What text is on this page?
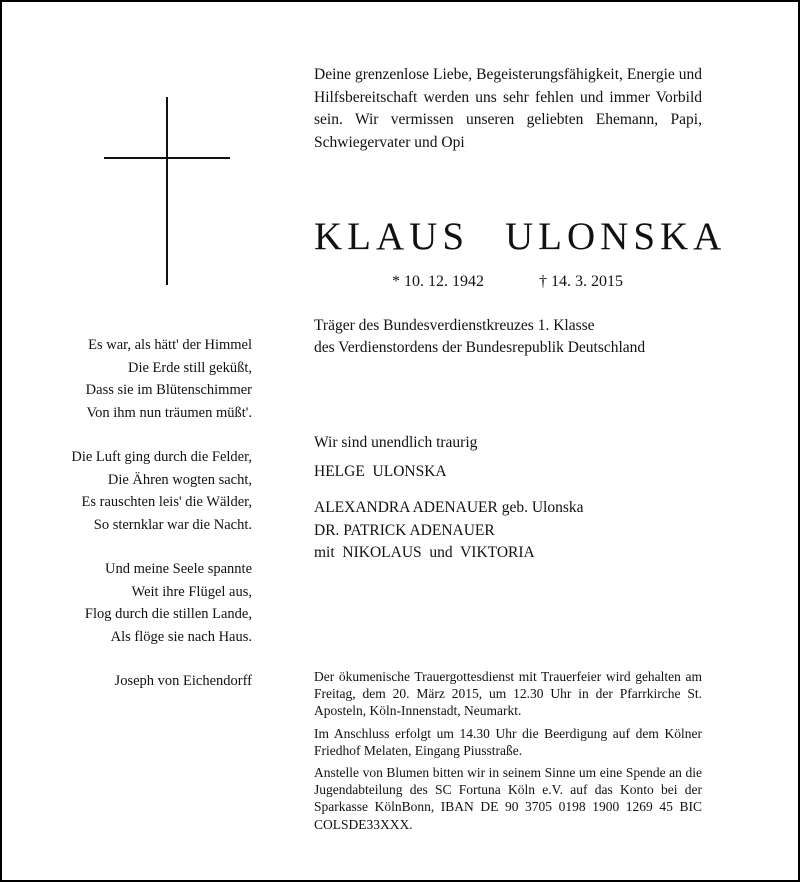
Deine grenzenlose Liebe, Begeisterungsfähigkeit, Energie und Hilfsbereitschaft werden uns sehr fehlen und immer Vorbild sein. Wir vermissen unseren geliebten Ehemann, Papi, Schwiegervater und Opi

KLAUS ULONSKA
* 10. 12. 1942	† 14. 3. 2015
Träger des Bundesverdienstkreuzes 1. Klasse
des Verdienstordens der Bundesrepublik Deutschland
Es war, als hätt' der Himmel
Die Erde still geküßt,
Dass sie im Blütenschimmer
Von ihm nun träumen müßt'.
Die Luft ging durch die Felder,
Die Ähren wogten sacht,
Es rauschten leis' die Wälder,
So sternklar war die Nacht.
Und meine Seele spannte
Weit ihre Flügel aus,
Flog durch die stillen Lande,
Als flöge sie nach Haus.
Joseph von Eichendorff
Wir sind unendlich traurig
HELGE  ULONSKA
ALEXANDRA ADENAUER geb. Ulonska
DR. PATRICK ADENAUER
mit  NIKOLAUS  und  VIKTORIA

Der ökumenische Trauergottesdienst mit Trauerfeier wird gehalten am Freitag, dem 20. März 2015, um 12.30 Uhr in der Pfarrkirche St. Aposteln, Köln-Innenstadt, Neumarkt.

Im Anschluss erfolgt um 14.30 Uhr die Beerdigung auf dem Kölner Friedhof Melaten, Eingang Piusstraße.

Anstelle von Blumen bitten wir in seinem Sinne um eine Spende an die Jugendabteilung des SC Fortuna Köln e.V. auf das Konto bei der Sparkasse KölnBonn, IBAN DE 90 3705 0198 1900 1269 45 BIC COLSDE33XXX.
